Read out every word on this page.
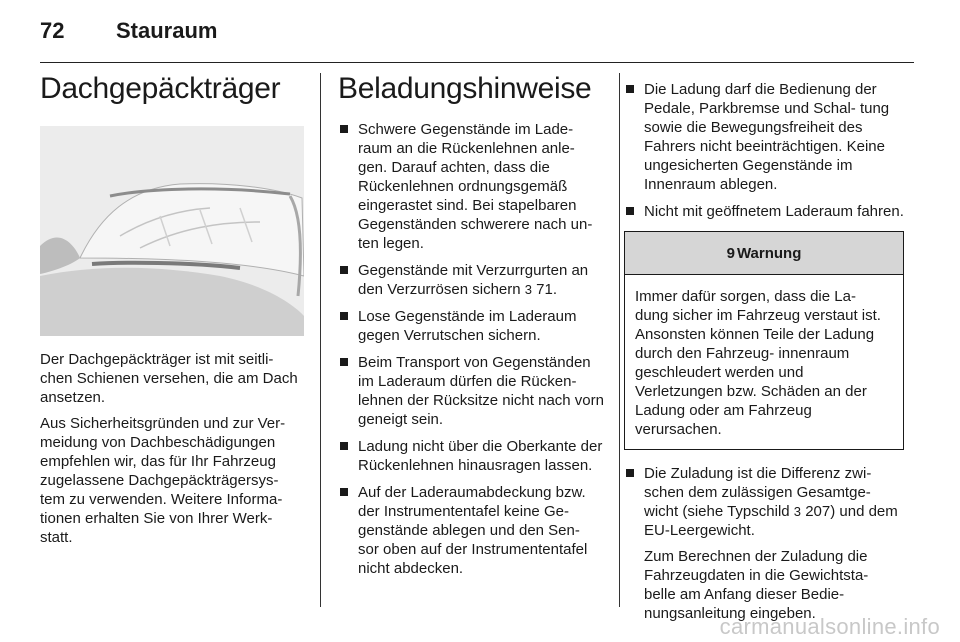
72 Stauraum
Dachgepäckträger

Der Dachgepäckträger ist mit seitli- chen Schienen versehen, die am Dach ansetzen.

Aus Sicherheitsgründen und zur Ver- meidung von Dachbeschädigungen empfehlen wir, das für Ihr Fahrzeug zugelassene Dachgepäckträgersys- tem zu verwenden. Weitere Informa- tionen erhalten Sie von Ihrer Werk- statt.

Beladungshinweise
Schwere Gegenstände im Lade- raum an die Rückenlehnen anle- gen. Darauf achten, dass die Rückenlehnen ordnungsgemäß eingerastet sind. Bei stapelbaren Gegenständen schwerere nach un- ten legen.
Gegenstände mit Verzurrgurten an den Verzurrösen sichern 3 71.
Lose Gegenstände im Laderaum gegen Verrutschen sichern.
Beim Transport von Gegenständen im Laderaum dürfen die Rücken- lehnen der Rücksitze nicht nach vorn geneigt sein.
Ladung nicht über die Oberkante der Rückenlehnen hinausragen lassen.
Auf der Laderaumabdeckung bzw. der Instrumententafel keine Ge- genstände ablegen und den Sen- sor oben auf der Instrumententafel nicht abdecken.
Die Ladung darf die Bedienung der Pedale, Parkbremse und Schal- tung sowie die Bewegungsfreiheit des Fahrers nicht beeinträchtigen. Keine ungesicherten Gegenstände im Innenraum ablegen.
Nicht mit geöffnetem Laderaum fahren.
9 Warnung
Immer dafür sorgen, dass die La- dung sicher im Fahrzeug verstaut ist. Ansonsten können Teile der Ladung durch den Fahrzeug- innenraum geschleudert werden und Verletzungen bzw. Schäden an der Ladung oder am Fahrzeug verursachen.

Die Zuladung ist die Differenz zwi- schen dem zulässigen Gesamtge- wicht (siehe Typschild 3 207) und dem EU-Leergewicht.

Zum Berechnen der Zuladung die Fahrzeugdaten in die Gewichtsta- belle am Anfang dieser Bedie- nungsanleitung eingeben.

carmanualsonline.info
